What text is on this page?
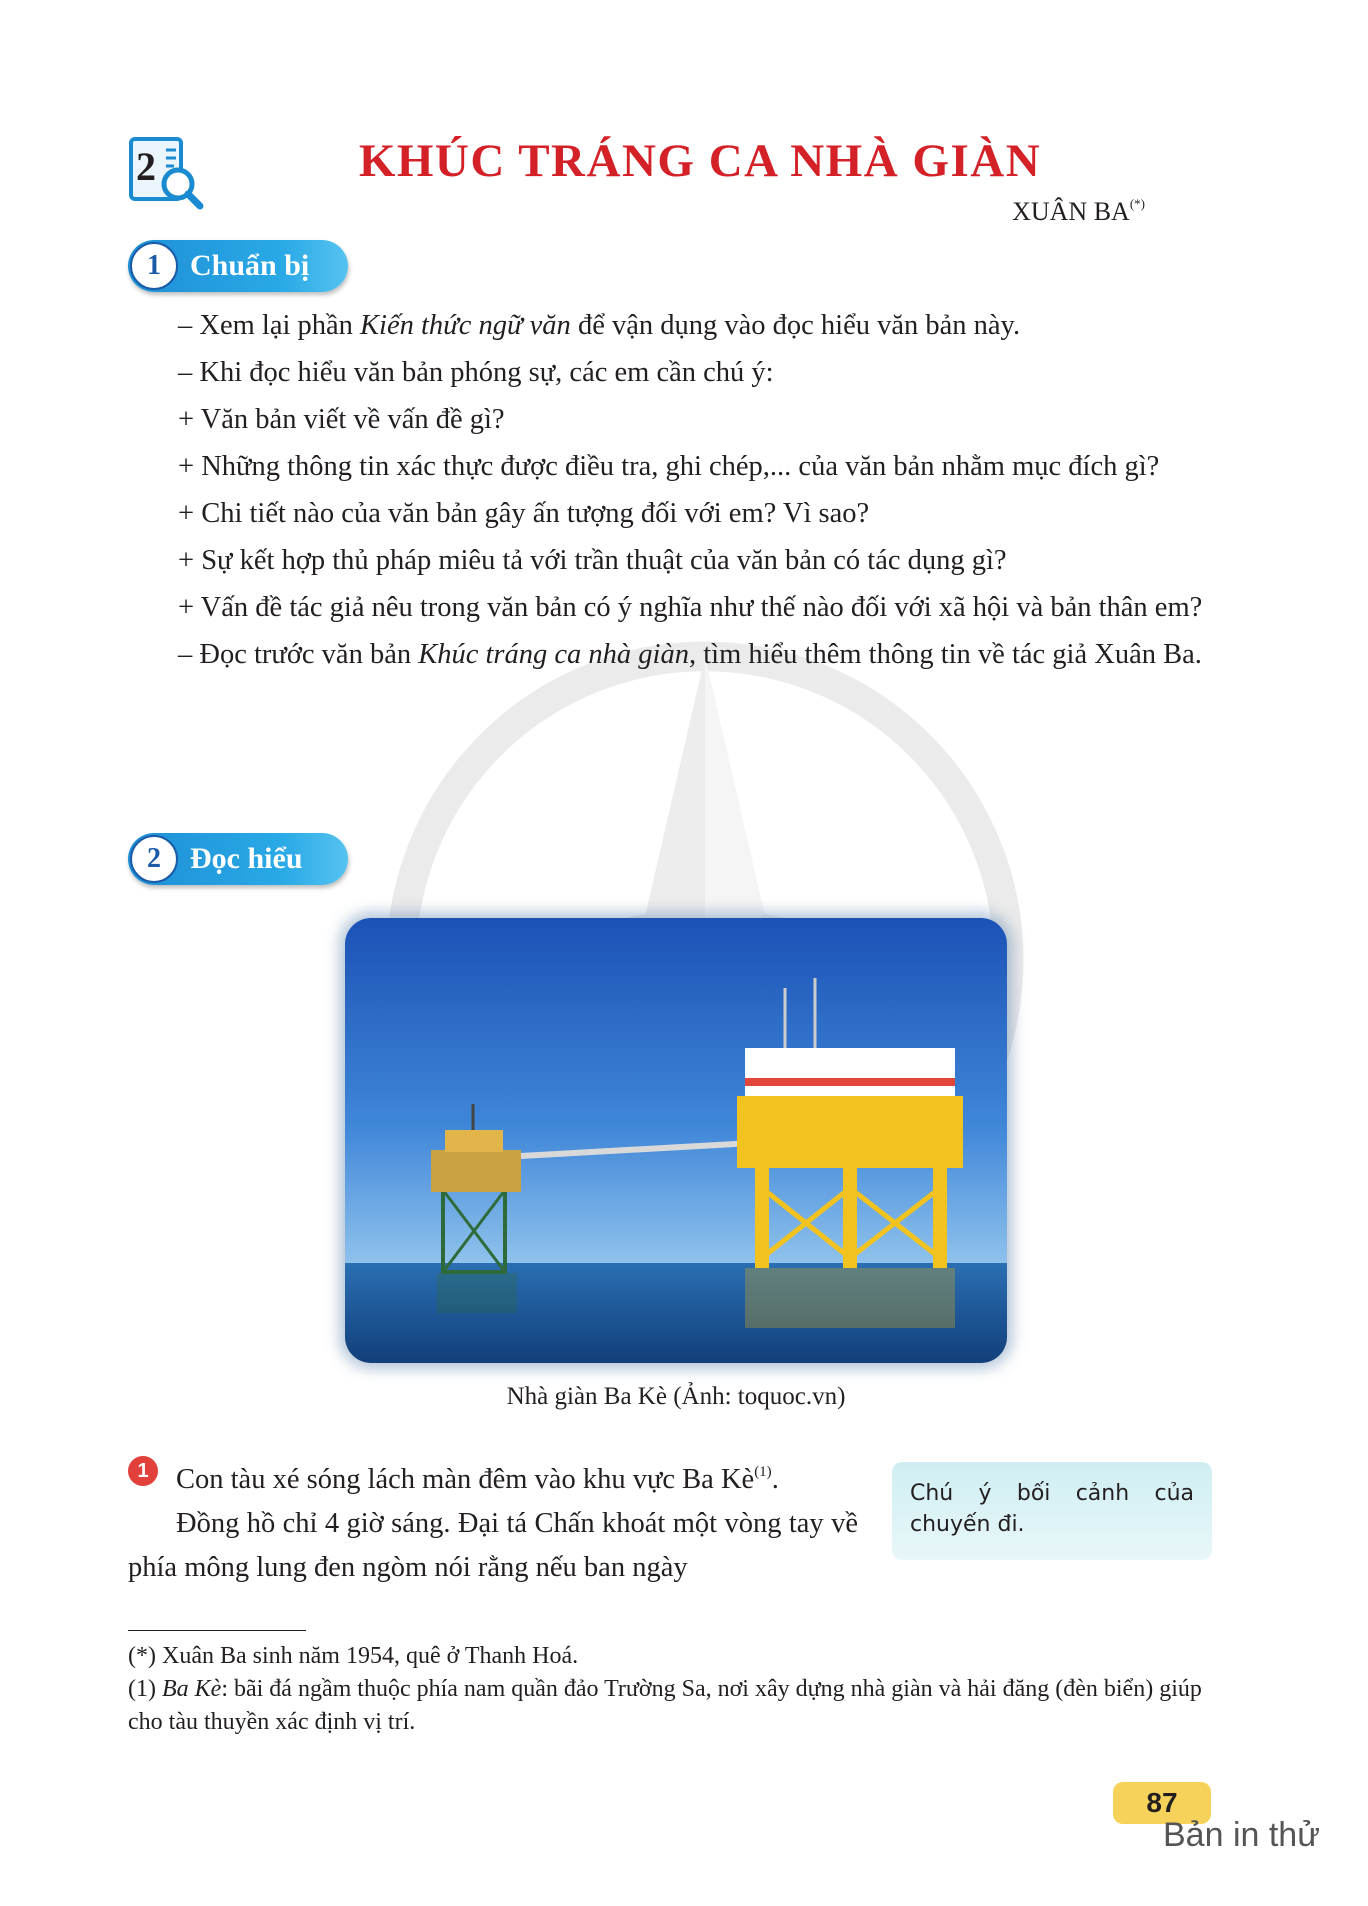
2	KHÚC TRÁNG CA NHÀ GIÀN
XUÂN BA(*)
1 Chuẩn bị

– Xem lại phần Kiến thức ngữ văn để vận dụng vào đọc hiểu văn bản này.

– Khi đọc hiểu văn bản phóng sự, các em cần chú ý:

+ Văn bản viết về vấn đề gì?

+ Những thông tin xác thực được điều tra, ghi chép,... của văn bản nhằm mục đích gì?

+ Chi tiết nào của văn bản gây ấn tượng đối với em? Vì sao?

+ Sự kết hợp thủ pháp miêu tả với trần thuật của văn bản có tác dụng gì?

+ Vấn đề tác giả nêu trong văn bản có ý nghĩa như thế nào đối với xã hội và bản thân em?

– Đọc trước văn bản Khúc tráng ca nhà giàn, tìm hiểu thêm thông tin về tác giả Xuân Ba.

2 Đọc hiểu
Nhà giàn Ba Kè (Ảnh: toquoc.vn)

1 Con tàu xé sóng lách màn đêm vào khu vực Ba $Kè^{(1)}$.

Đồng hồ chỉ 4 giờ sáng. Đại tá Chấn khoát một vòng tay về phía mông lung đen ngòm nói rằng nếu ban ngày

Chú ý bối cảnh của chuyến đi.

(*) Xuân Ba sinh năm 1954, quê ở Thanh Hoá.

(1) Ba Kè: bãi đá ngầm thuộc phía nam quần đảo Trường Sa, nơi xây dựng nhà giàn và hải đăng (đèn biển) giúp cho tàu thuyền xác định vị trí.

87
Bản in thử
